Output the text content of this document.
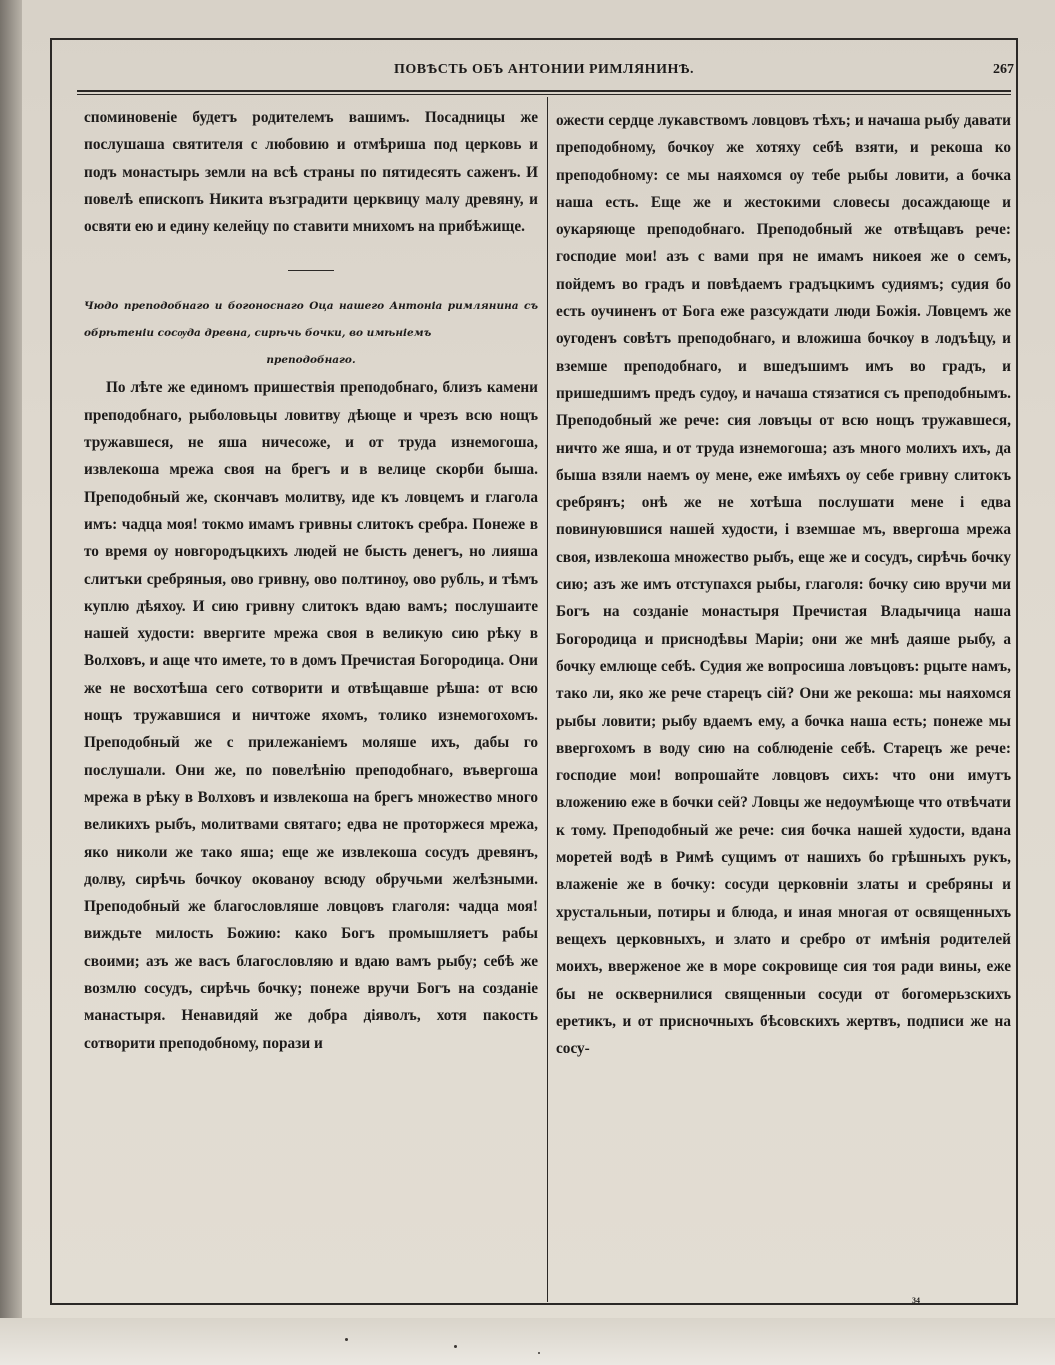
ПОВѢСТЬ ОБЪ АНТОНИИ РИМЛЯНИНѢ.	267

споминовеніе будетъ родителемъ вашимъ. Посадницы же послушаша святителя с любовию и отмѣриша под церковь и подъ монастырь земли на всѣ страны по пятидесять саженъ. И повелѣ епископъ Никита възградити церквицу малу древяну, и освяти ею и едину келейцу по ставити мнихомъ на прибѣжище.

Чюдо преподобнаго и богоноснаго Оца нашего Антоніа римлянина съ обрѣтеніи сосѹда древна, сирѣчь бочки, во имѣніемъ
преподобнаго.

По лѣте же единомъ пришествія преподобнаго, близъ камени преподобнаго, рыболовьцы ловитву дѣюще и чрезъ всю нощъ тружавшеся, не яша ничесоже, и от труда изнемогоша, извлекоша мрежа своя на брегъ и в велице скорби быша. Преподобный же, скончавъ молитву, иде къ ловцемъ и глагола имъ: чадца моя! токмо имамъ гривны слитокъ сребра. Понеже в то время оу новгородъцкихъ людей не бысть денегъ, но лияша слитъки сребряныя, ово гривну, ово полтиноу, ово рубль, и тѣмъ куплю дѣяхоу. И сию гривну слитокъ вдаю вамъ; послушаите нашей худости: ввергите мрежа своя в великую сию рѣку в Волховъ, и аще что имете, то в домъ Пречистая Богородица. Они же не восхотѣша сего сотворити и отвѣщавше рѣша: от всю нощъ тружавшися и ничтоже яхомъ, толико изнемогохомъ. Преподобный же с прилежаніемъ моляше ихъ, дабы го послушали. Они же, по повелѣнію преподобнаго, въвергоша мрежа в рѣку в Волховъ и извлекоша на брегъ множество много великихъ рыбъ, молитвами святаго; едва не проторжеся мрежа, яко николи же тако яша; еще же извлекоша сосудъ древянъ, долву, сирѣчь бочкоу окованѹ всюду обручьми желѣзными. Преподобный же благословляше ловцовъ глаголя: чадца моя! виждьте милость Божию: како Богъ промышляетъ рабы своими; азъ же васъ благословляю и вдаю вамъ рыбу; себѣ же возмлю сосудъ, сирѣчь бочку; понеже вручи Богъ на созданіе манастыря. Ненавидяй же добра діяволъ, хотя пакость сотворити преподобному, порази и

ожести сердце лукавствомъ ловцовъ тѣхъ; и начаша рыбу давати преподобному, бочкоу же хотяху себѣ взяти, и рекоша ко преподобному: се мы наяхомся оу тебе рыбы ловити, а бочка наша есть. Еще же и жестокими словесы досаждающе и оукаряюще преподобнаго. Преподобный же отвѣщавъ рече: господие мои! азъ с вами пря не имамъ никоея же о семъ, пойдемъ во градъ и повѣдаемъ градъцкимъ судиямъ; судия бо есть оучиненъ от Бога еже разсуждати люди Божія. Ловцемъ же оугоденъ совѣтъ преподобнаго, и вложиша бочкоу в лодъѣцу, и вземше преподобнаго, и вшедъшимъ имъ во градъ, и пришедшимъ предъ судоу, и начаша стязатися съ преподобнымъ. Преподобный же рече: сия ловъцы от всю нощъ тружавшеся, ничто же яша, и от труда изнемогоша; азъ много молихъ ихъ, да быша взяли наемъ оу мене, еже имѣяхъ оу себе гривну слитокъ сребрянъ; онѣ же не хотѣша послушати мене і едва повинуювшися нашей худости, і вземшае мъ, ввергоша мрежа своя, извлекоша множество рыбъ, еще же и сосудъ, сирѣчь бочку сию; азъ же имъ отступахся рыбы, глаголя: бочку сию вручи ми Богъ на созданіе монастыря Пречистая Владычица наша Богородица и приснодѣвы Маріи; они же мнѣ даяше рыбу, а бочку емлюще себѣ. Судия же вопросиша ловъцовъ: рцыте намъ, тако ли, яко же рече старецъ сій? Они же рекоша: мы наяхомся рыбы ловити; рыбу вдаемъ ему, а бочка наша есть; понеже мы ввергохомъ в воду сию на соблюденіе себѣ. Старецъ же рече: господие мои! вопрошайте ловцовъ сихъ: что они имутъ вложению еже в бочки сей? Ловцы же недоумѣюще что отвѣчати к тому. Преподобный же рече: сия бочка нашей худости, вдана моретей водѣ в Римѣ сущимъ от нашихъ бо грѣшныхъ рукъ, влаженіе же в бочку: сосуди церковніи златы и сребряны и хрустальныи, потиры и блюда, и иная многая от освященныхъ вещехъ церковныхъ, и злато и сребро от имѣнія родителей моихъ, вверженое же в море сокровище сия тоя ради вины, еже бы не осквернилися священныи сосуди от богомерьзскихъ еретикъ, и от присночныхъ бѣсовскихъ жертвъ, подписи же на сосу-

34
